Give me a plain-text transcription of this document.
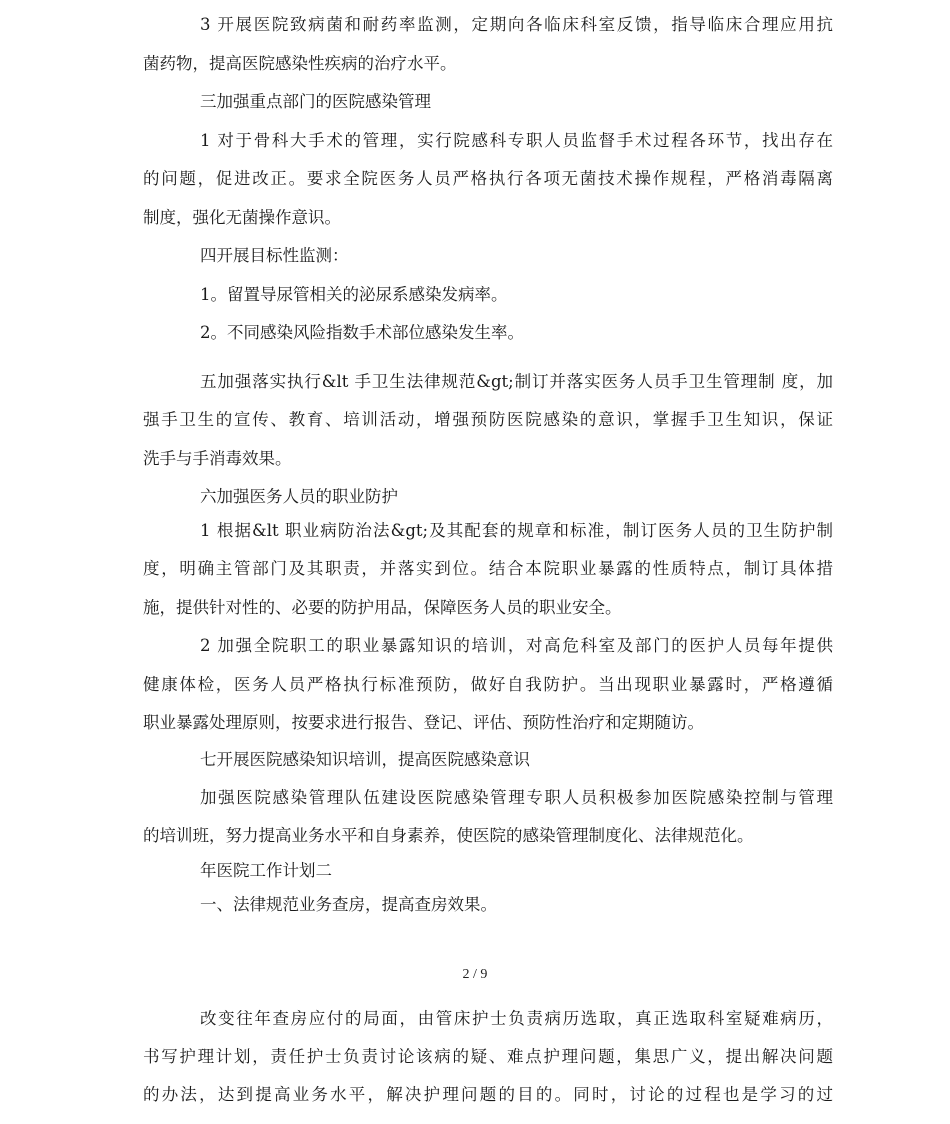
3 开展医院致病菌和耐药率监测，定期向各临床科室反馈，指导临床合理应用抗
菌药物，提高医院感染性疾病的治疗水平。
三加强重点部门的医院感染管理
1 对于骨科大手术的管理，实行院感科专职人员监督手术过程各环节，找出存在
的问题，促进改正。要求全院医务人员严格执行各项无菌技术操作规程，严格消毒隔离
制度，强化无菌操作意识。
四开展目标性监测：
1。留置导尿管相关的泌尿系感染发病率。
2。不同感染风险指数手术部位感染发生率。
五加强落实执行&lt 手卫生法律规范&gt;制订并落实医务人员手卫生管理制 度，加
强手卫生的宣传、教育、培训活动，增强预防医院感染的意识，掌握手卫生知识，保证
洗手与手消毒效果。
六加强医务人员的职业防护
1 根据&lt 职业病防治法&gt;及其配套的规章和标准，制订医务人员的卫生防护制
度，明确主管部门及其职责，并落实到位。结合本院职业暴露的性质特点，制订具体措
施，提供针对性的、必要的防护用品，保障医务人员的职业安全。
2 加强全院职工的职业暴露知识的培训，对高危科室及部门的医护人员每年提供
健康体检，医务人员严格执行标准预防，做好自我防护。当出现职业暴露时，严格遵循
职业暴露处理原则，按要求进行报告、登记、评估、预防性治疗和定期随访。
七开展医院感染知识培训，提高医院感染意识
加强医院感染管理队伍建设医院感染管理专职人员积极参加医院感染控制与管理
的培训班，努力提高业务水平和自身素养，使医院的感染管理制度化、法律规范化。
年医院工作计划二
一、法律规范业务查房，提高查房效果。
2 / 9
改变往年查房应付的局面，由管床护士负责病历选取，真正选取科室疑难病历，
书写护理计划，责任护士负责讨论该病的疑、难点护理问题，集思广义，提出解决问题
的办法，达到提高业务水平，解决护理问题的目的。同时，讨论的过程也是学习的过
